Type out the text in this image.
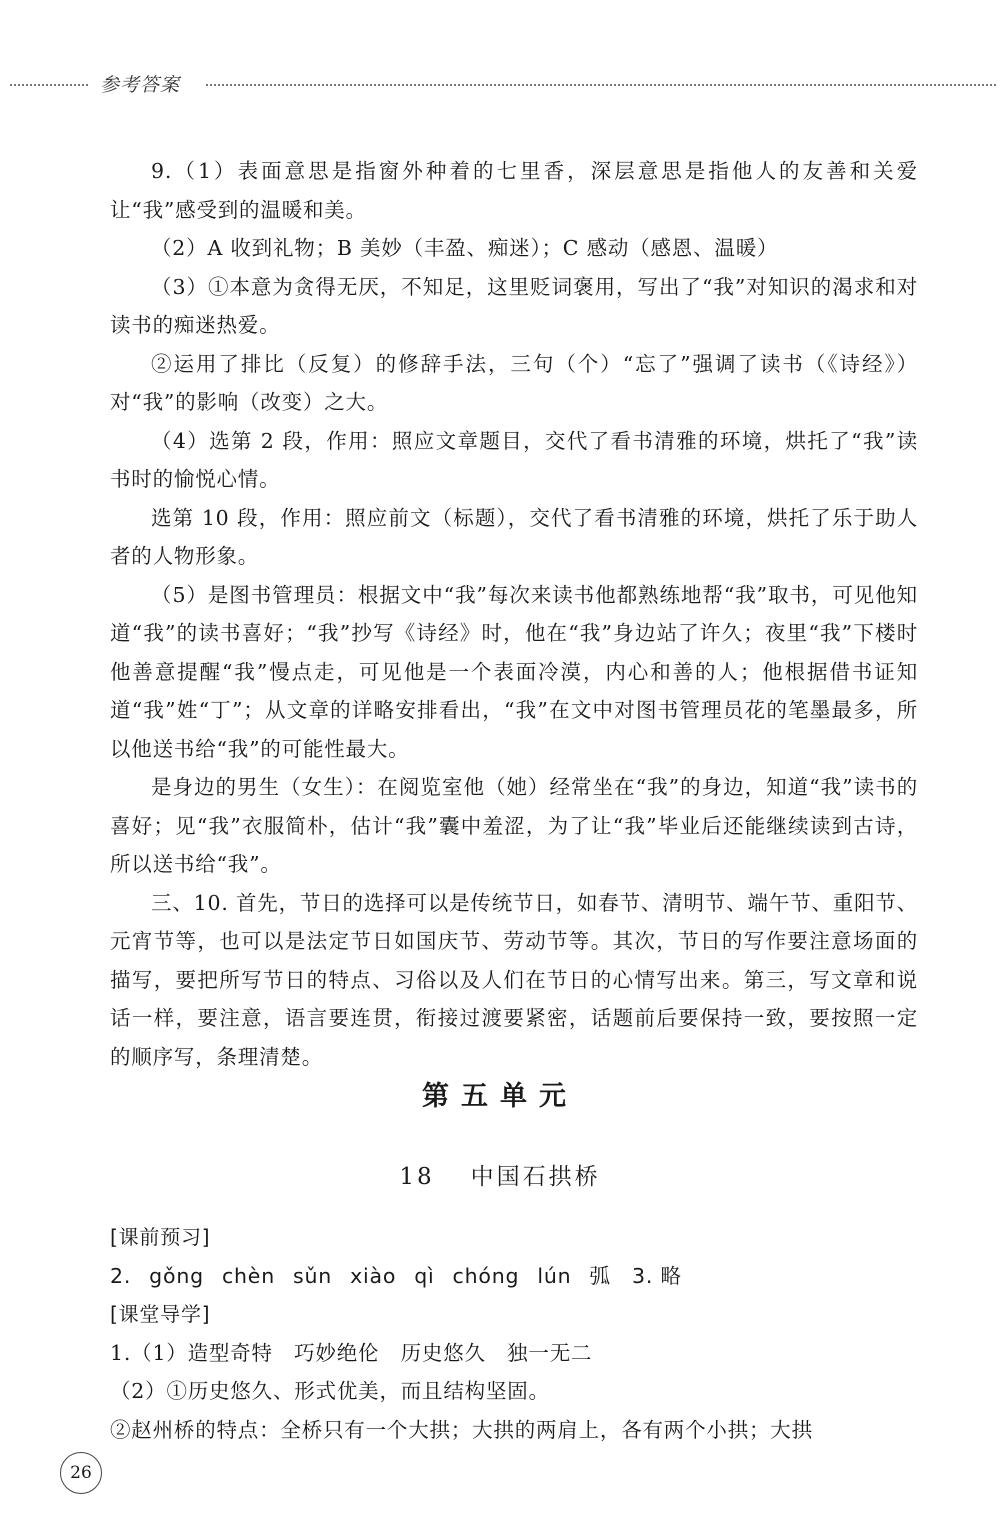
参考答案

9.（1）表面意思是指窗外种着的七里香，深层意思是指他人的友善和关爱让“我”感受到的温暖和美。

（2）A 收到礼物；B 美妙（丰盈、痴迷）；C 感动（感恩、温暖）

（3）①本意为贪得无厌，不知足，这里贬词褒用，写出了“我”对知识的渴求和对读书的痴迷热爱。

②运用了排比（反复）的修辞手法，三句（个）“忘了”强调了读书（《诗经》）对“我”的影响（改变）之大。

（4）选第 2 段，作用：照应文章题目，交代了看书清雅的环境，烘托了“我”读书时的愉悦心情。

选第 10 段，作用：照应前文（标题），交代了看书清雅的环境，烘托了乐于助人者的人物形象。

（5）是图书管理员：根据文中“我”每次来读书他都熟练地帮“我”取书，可见他知道“我”的读书喜好；“我”抄写《诗经》时，他在“我”身边站了许久；夜里“我”下楼时他善意提醒“我”慢点走，可见他是一个表面冷漠，内心和善的人；他根据借书证知道“我”姓“丁”；从文章的详略安排看出，“我”在文中对图书管理员花的笔墨最多，所以他送书给“我”的可能性最大。

是身边的男生（女生）：在阅览室他（她）经常坐在“我”的身边，知道“我”读书的喜好；见“我”衣服简朴，估计“我”囊中羞涩，为了让“我”毕业后还能继续读到古诗，所以送书给“我”。

三、10. 首先，节日的选择可以是传统节日，如春节、清明节、端午节、重阳节、元宵节等，也可以是法定节日如国庆节、劳动节等。其次，节日的写作要注意场面的描写，要把所写节日的特点、习俗以及人们在节日的心情写出来。第三，写文章和说话一样，要注意，语言要连贯，衔接过渡要紧密，话题前后要保持一致，要按照一定的顺序写，条理清楚。

第五单元
18 中国石拱桥

[课前预习]

2. gǒng chèn sǔn xiào qì chóng lún 弧　3. 略

[课堂导学]

1.（1）造型奇特　巧妙绝伦　历史悠久　独一无二

（2）①历史悠久、形式优美，而且结构坚固。

②赵州桥的特点：全桥只有一个大拱；大拱的两肩上，各有两个小拱；大拱

26
